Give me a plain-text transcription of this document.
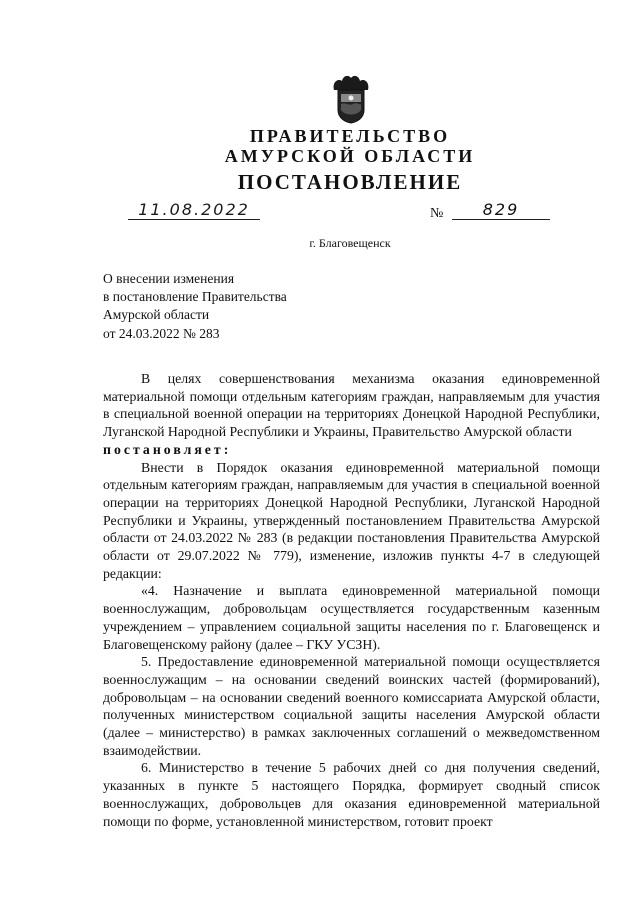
ПРАВИТЕЛЬСТВО
АМУРСКОЙ ОБЛАСТИ
ПОСТАНОВЛЕНИЕ
11.08.2022	№	829
г. Благовещенск
О внесении изменения
в постановление Правительства
Амурской области
от 24.03.2022 № 283

В целях совершенствования механизма оказания единовременной материальной помощи отдельным категориям граждан, направляемым для участия в специальной военной операции на территориях Донецкой Народной Республики, Луганской Народной Республики и Украины, Правительство Амурской области

постановляет:

Внести в Порядок оказания единовременной материальной помощи отдельным категориям граждан, направляемым для участия в специальной военной операции на территориях Донецкой Народной Республики, Луганской Народной Республики и Украины, утвержденный постановлением Правительства Амурской области от 24.03.2022 № 283 (в редакции постановления Правительства Амурской области от 29.07.2022 № 779), изменение, изложив пункты 4-7 в следующей редакции:

«4. Назначение и выплата единовременной материальной помощи военнослужащим, добровольцам осуществляется государственным казенным учреждением – управлением социальной защиты населения по г. Благовещенск и Благовещенскому району (далее – ГКУ УСЗН).

5. Предоставление единовременной материальной помощи осуществляется военнослужащим – на основании сведений воинских частей (формирований), добровольцам – на основании сведений военного комиссариата Амурской области, полученных министерством социальной защиты населения Амурской области (далее – министерство) в рамках заключенных соглашений о межведомственном взаимодействии.

6. Министерство в течение 5 рабочих дней со дня получения сведений, указанных в пункте 5 настоящего Порядка, формирует сводный список военнослужащих, добровольцев для оказания единовременной материальной помощи по форме, установленной министерством, готовит проект
